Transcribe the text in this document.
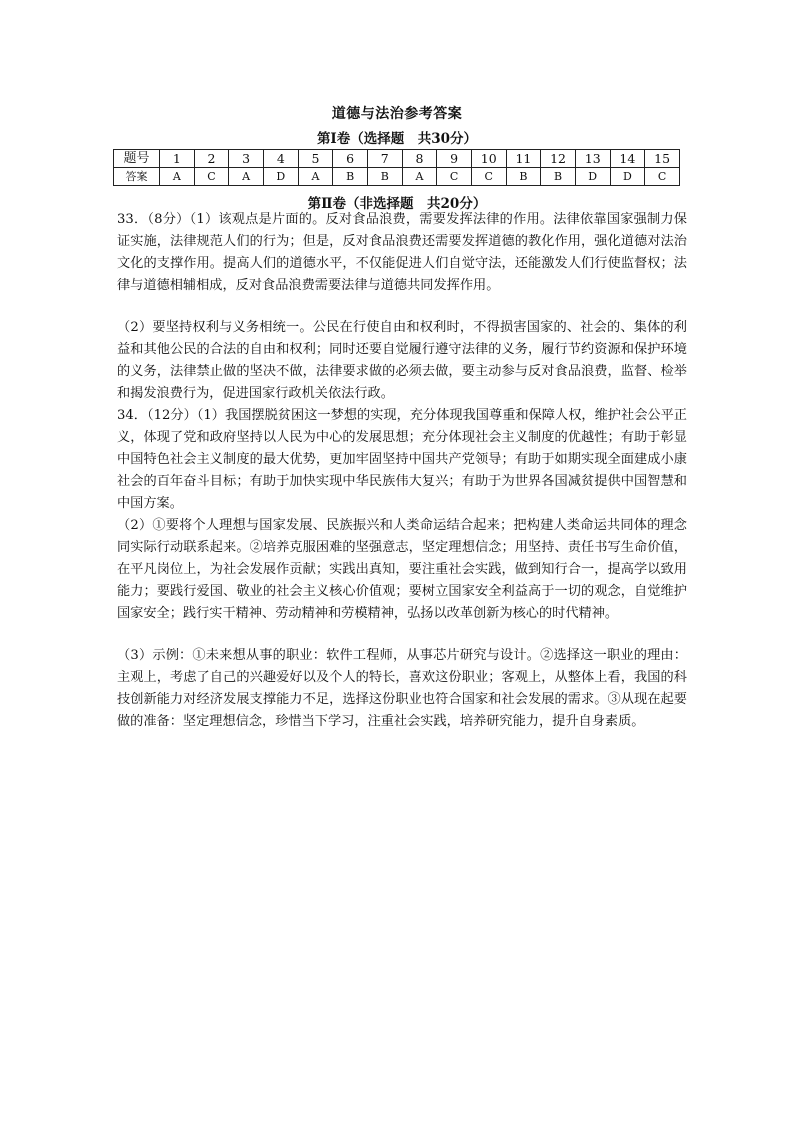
道德与法治参考答案
第Ⅰ卷（选择题　共30分）
题号	1	2	3	4	5	6	7	8	9	10	11	12	13	14	15
答案	A	C	A	D	A	B	B	A	C	C	B	B	D	D	C
第Ⅱ卷（非选择题　共20分）

33．（8分）（1）该观点是片面的。反对食品浪费，需要发挥法律的作用。法律依靠国家强制力保证实施，法律规范人们的行为；但是，反对食品浪费还需要发挥道德的教化作用，强化道德对法治文化的支撑作用。提高人们的道德水平，不仅能促进人们自觉守法，还能激发人们行使监督权；法律与道德相辅相成，反对食品浪费需要法律与道德共同发挥作用。

（2）要坚持权利与义务相统一。公民在行使自由和权利时，不得损害国家的、社会的、集体的利益和其他公民的合法的自由和权利；同时还要自觉履行遵守法律的义务，履行节约资源和保护环境的义务，法律禁止做的坚决不做，法律要求做的必须去做，要主动参与反对食品浪费，监督、检举和揭发浪费行为，促进国家行政机关依法行政。

34．（12分）（1）我国摆脱贫困这一梦想的实现，充分体现我国尊重和保障人权，维护社会公平正义，体现了党和政府坚持以人民为中心的发展思想；充分体现社会主义制度的优越性；有助于彰显中国特色社会主义制度的最大优势，更加牢固坚持中国共产党领导；有助于如期实现全面建成小康社会的百年奋斗目标；有助于加快实现中华民族伟大复兴；有助于为世界各国减贫提供中国智慧和中国方案。

（2）①要将个人理想与国家发展、民族振兴和人类命运结合起来；把构建人类命运共同体的理念同实际行动联系起来。②培养克服困难的坚强意志，坚定理想信念；用坚持、责任书写生命价值，在平凡岗位上，为社会发展作贡献；实践出真知，要注重社会实践，做到知行合一，提高学以致用能力；要践行爱国、敬业的社会主义核心价值观；要树立国家安全利益高于一切的观念，自觉维护国家安全；践行实干精神、劳动精神和劳模精神，弘扬以改革创新为核心的时代精神。

（3）示例：①未来想从事的职业：软件工程师，从事芯片研究与设计。②选择这一职业的理由：主观上，考虑了自己的兴趣爱好以及个人的特长，喜欢这份职业；客观上，从整体上看，我国的科技创新能力对经济发展支撑能力不足，选择这份职业也符合国家和社会发展的需求。③从现在起要做的准备：坚定理想信念，珍惜当下学习，注重社会实践，培养研究能力，提升自身素质。
